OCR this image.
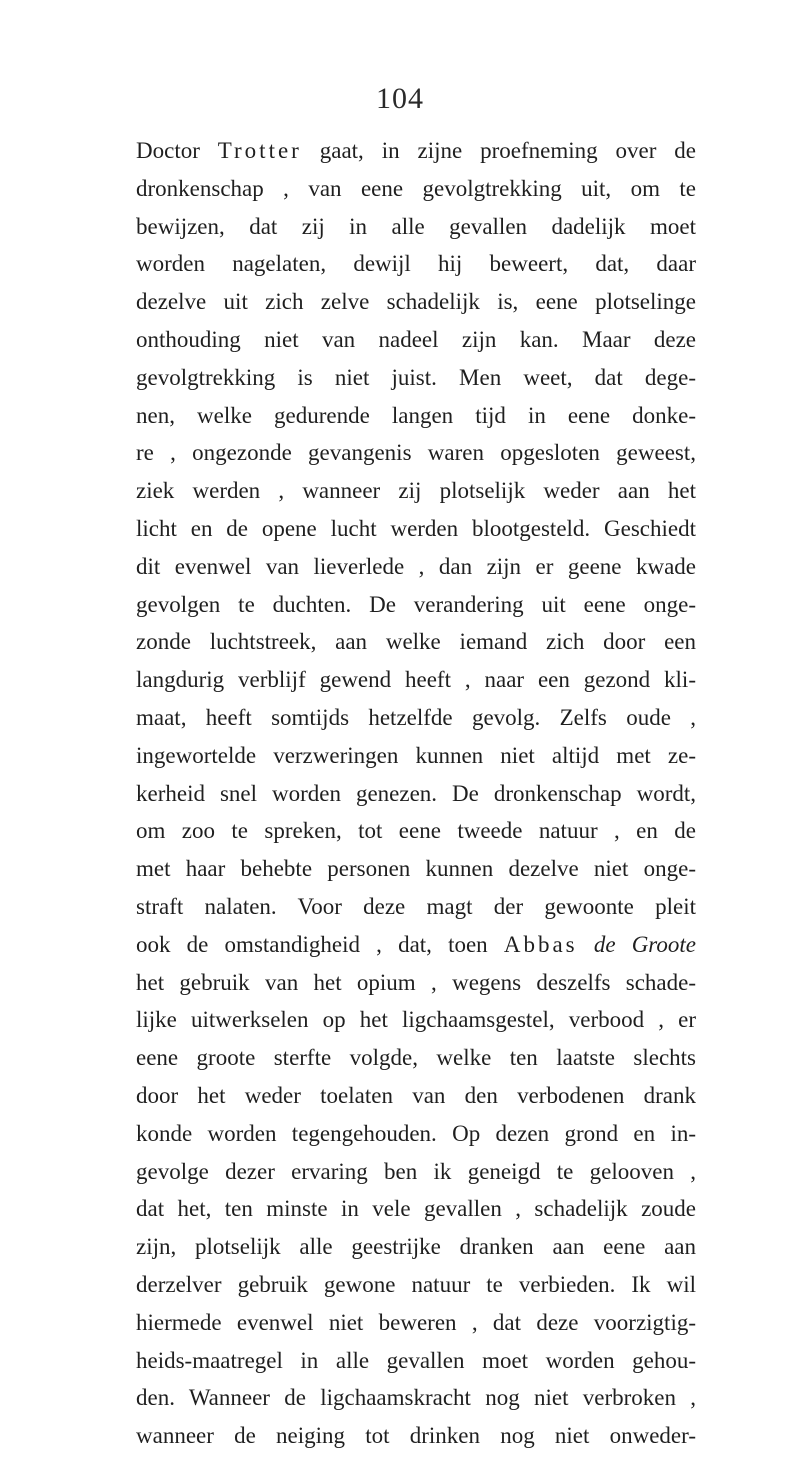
104
Doctor Trotter gaat, in zijne proefneming over de
dronkenschap , van eene gevolgtrekking uit, om te
bewijzen, dat zij in alle gevallen dadelijk moet
worden nagelaten, dewijl hij beweert, dat, daar
dezelve uit zich zelve schadelijk is, eene plotselinge
onthouding niet van nadeel zijn kan. Maar deze
gevolgtrekking is niet juist. Men weet, dat dege-
nen, welke gedurende langen tijd in eene donke-
re , ongezonde gevangenis waren opgesloten geweest,
ziek werden , wanneer zij plotselijk weder aan het
licht en de opene lucht werden blootgesteld. Geschiedt
dit evenwel van lieverlede , dan zijn er geene kwade
gevolgen te duchten. De verandering uit eene onge-
zonde luchtstreek, aan welke iemand zich door een
langdurig verblijf gewend heeft , naar een gezond kli-
maat, heeft somtijds hetzelfde gevolg. Zelfs oude ,
ingewortelde verzweringen kunnen niet altijd met ze-
kerheid snel worden genezen. De dronkenschap wordt,
om zoo te spreken, tot eene tweede natuur , en de
met haar behebte personen kunnen dezelve niet onge-
straft nalaten. Voor deze magt der gewoonte pleit
ook de omstandigheid , dat, toen Abbas de Groote
het gebruik van het opium , wegens deszelfs schade-
lijke uitwerkselen op het ligchaamsgestel, verbood , er
eene groote sterfte volgde, welke ten laatste slechts
door het weder toelaten van den verbodenen drank
konde worden tegengehouden. Op dezen grond en in-
gevolge dezer ervaring ben ik geneigd te gelooven ,
dat het, ten minste in vele gevallen , schadelijk zoude
zijn, plotselijk alle geestrijke dranken aan eene aan
derzelver gebruik gewone natuur te verbieden. Ik wil
hiermede evenwel niet beweren , dat deze voorzigtig-
heids-maatregel in alle gevallen moet worden gehou-
den. Wanneer de ligchaamskracht nog niet verbroken ,
wanneer de neiging tot drinken nog niet onweder-
